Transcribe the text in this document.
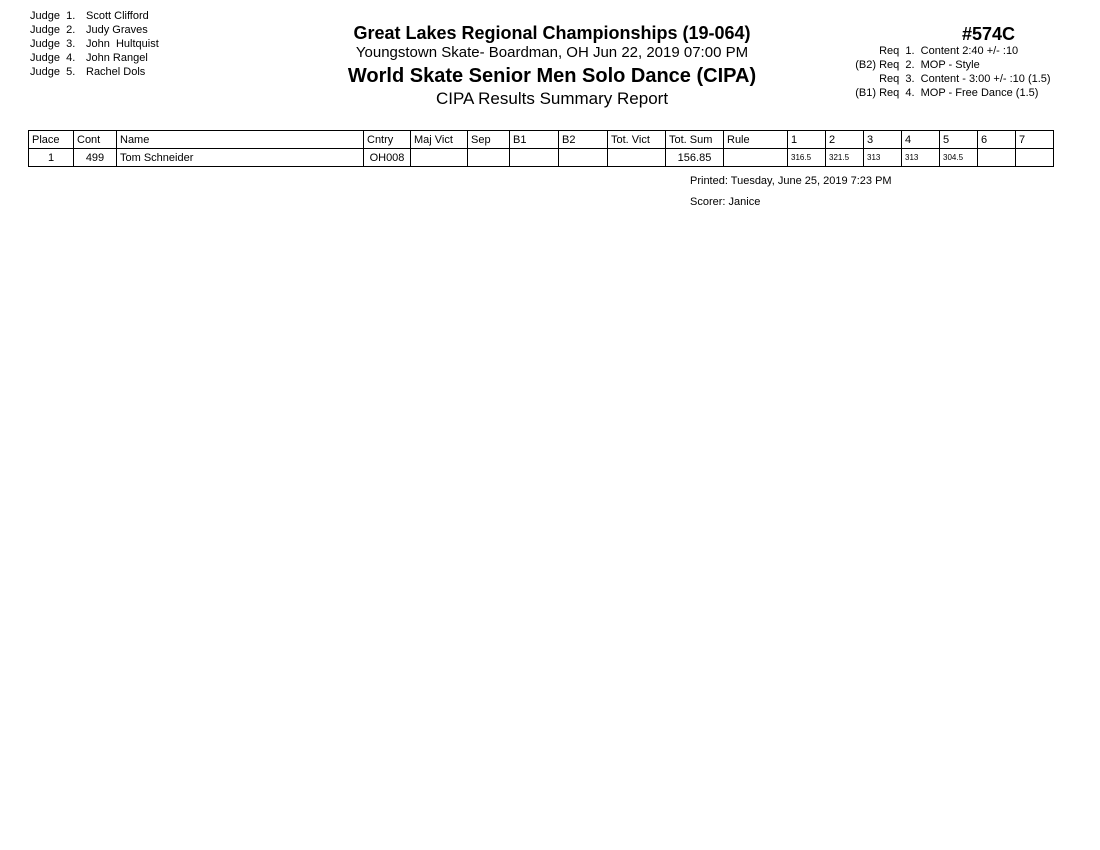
Judge  1. Scott Clifford
Judge  2. Judy Graves
Judge  3. John  Hultquist
Judge  4. John Rangel
Judge  5. Rachel Dols
Great Lakes Regional Championships (19-064)
Youngstown Skate- Boardman, OH Jun 22, 2019 07:00 PM
World Skate Senior Men Solo Dance (CIPA)
CIPA Results Summary Report
#574C
Req  1.  Content 2:40 +/- :10
(B2) Req  2.  MOP - Style
Req  3.  Content - 3:00 +/- :10 (1.5)
(B1) Req  4.  MOP - Free Dance (1.5)
Place	Cont	Name	Cntry	Maj Vict	Sep	B1	B2	Tot. Vict	Tot. Sum	Rule	1	2	3	4	5	6	7
1	499	Tom Schneider	OH008						156.85		316.5	321.5	313	313	304.5		
Printed: Tuesday, June 25, 2019 7:23 PM
Scorer: Janice
